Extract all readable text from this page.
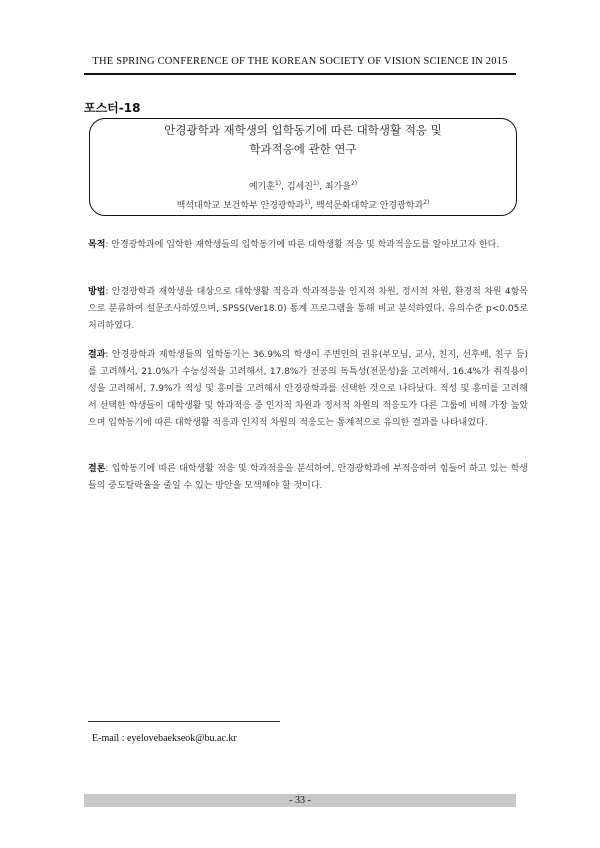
THE SPRING CONFERENCE OF THE KOREAN SOCIETY OF VISION SCIENCE IN 2015
포스터-18
안경광학과 재학생의 입학동기에 따른 대학생활 적응 및
학과적응에 관한 연구
예기훈$^{1)}$, 김세진$^{1)}$, 최가을$^{2)}$
백석대학교 보건학부 안경광학과$^{1)}$, 백석문화대학교 안경광학과$^{2)}$
목적: 안경광학과에 입학한 재학생들의 입학동기에 따른 대학생활 적응 및 학과적응도를 알아보고자 한다.
방법: 안경광학과 재학생을 대상으로 대학생활 적응과 학과적응을 인지적 차원, 정서적 차원, 환경적 차원 4항목으로 분류하여 설문조사하였으며, SPSS(Ver18.0) 통계 프로그램을 통해 비교 분석하였다. 유의수준 p<0.05로 처리하였다.
결과: 안경광학과 재학생들의 입학동기는 36.9%의 학생이 주변인의 권유(부모님, 교사, 친지, 선후배, 친구 등)를 고려해서, 21.0%가 수능성적을 고려해서, 17.8%가 전공의 독특성(전문성)을 고려해서, 16.4%가 취직용이성을 고려해서, 7.9%가 적성 및 흥미를 고려해서 안경광학과를 선택한 것으로 나타났다. 적성 및 흥미를 고려해서 선택한 학생들이 대학생활 및 학과적응 중 인지적 차원과 정서적 차원의 적응도가 다른 그룹에 비해 가장 높았으며 입학동기에 따른 대학생활 적응과 인지적 차원의 적응도는 통계적으로 유의한 결과를 나타내었다.
결론: 입학동기에 따른 대학생활 적응 및 학과적응을 분석하여, 안경광학과에 부적응하여 힘들어 하고 있는 학생들의 중도탈락율을 줄일 수 있는 방안을 모색해야 할 것이다.
E-mail : eyelovebaekseok@bu.ac.kr
- 33 -
